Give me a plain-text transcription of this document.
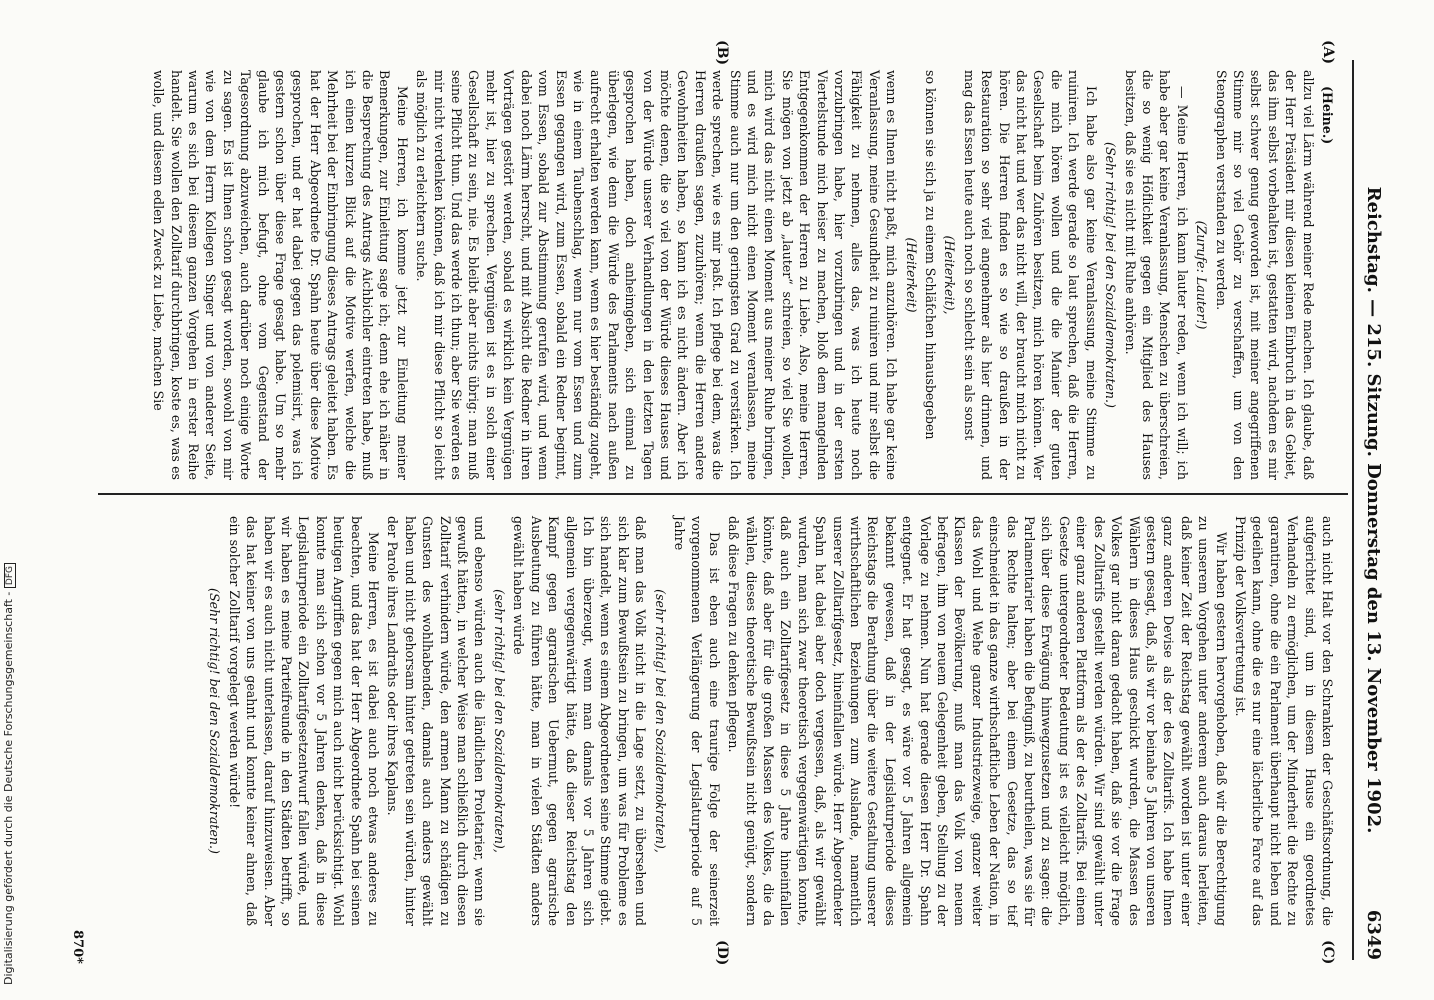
Digitalisierung gefördert durch die Deutsche Forschungsgemeinschaft - DFG	Reichstag. — 215. Sitzung. Donnerstag den 13. November 1902.
6349
(A)
(B)
(C)
(D)

(Heine.)

allzu viel Lärm während meiner Rede machen. Ich glaube, daß der Herr Präsident mir diesen kleinen Einbruch in das Gebiet, das ihm selbst vorbehalten ist, gestatten wird, nachdem es mir selbst schwer genug geworden ist, mit meiner angegriffenen Stimme mir so viel Gehör zu verschaffen, um von den Stenographen verstanden zu werden.

(Zurufe: Lauter!)

— Meine Herren, ich kann lauter reden, wenn ich will; ich habe aber gar keine Veranlassung, Menschen zu überschreien, die so wenig Höflichkeit gegen ein Mitglied des Hauses besitzen, daß sie es nicht mit Ruhe anhören.

(Sehr richtig! bei den Sozialdemokraten.)

Ich habe also gar keine Veranlassung, meine Stimme zu ruiniren. Ich werde gerade so laut sprechen, daß die Herren, die mich hören wollen und die die Manier der guten Gesellschaft beim Zuhören besitzen, mich hören können. Wer das nicht hat und wer das nicht will, der braucht mich nicht zu hören. Die Herren finden es so wie so draußen in der Restauration so sehr viel angenehmer als hier drinnen, und mag das Essen heute auch noch so schlecht sein als sonst

(Heiterkeit),

so können sie sich ja zu einem Schläfchen hinausbegeben

(Heiterkeit)

wenn es Ihnen nicht paßt, mich anzuhören. Ich habe gar keine Veranlassung, meine Gesundheit zu ruiniren und mir selbst die Fähigkeit zu nehmen, alles das, was ich heute noch vorzubringen habe, hier vorzubringen und in der ersten Viertelstunde mich heiser zu machen, bloß dem mangelnden Entgegenkommen der Herren zu Liebe. Also, meine Herren, Sie mögen von jetzt ab „lauter“ schreien, so viel Sie wollen, mich wird das nicht einen Moment aus meiner Ruhe bringen, und es wird mich nicht einen Moment veranlassen, meine Stimme auch nur um den geringsten Grad zu verstärken. Ich werde sprechen, wie es mir paßt. Ich pflege bei dem, was die Herren draußen sagen, zuzuhören; wenn die Herren andere Gewohnheiten haben, so kann ich es nicht ändern. Aber ich möchte denen, die so viel von der Würde dieses Hauses und von der Würde unserer Verhandlungen in den letzten Tagen gesprochen haben, doch anheimgeben, sich einmal zu überlegen, wie denn die Würde des Parlaments nach außen aufrecht erhalten werden kann, wenn es hier beständig zugeht, wie in einem Taubenschlag, wenn nur vom Essen und zum Essen gegangen wird, zum Essen, sobald ein Redner beginnt, vom Essen, sobald zur Abstimmung gerufen wird, und wenn dabei noch Lärm herrscht, und mit Absicht die Redner in ihren Vorträgen gestört werden, sobald es wirklich kein Vergnügen mehr ist, hier zu sprechen. Vergnügen ist es in solch einer Gesellschaft zu sein, nie. Es bleibt aber nichts übrig: man muß seine Pflicht thun. Und das werde ich thun; aber Sie werden es mir nicht verdenken können, daß ich mir diese Pflicht so leicht als möglich zu erleichtern suche.

Meine Herren, ich komme jetzt zur Einleitung meiner Bemerkungen, zur Einleitung sage ich; denn ehe ich näher in die Besprechung des Antrags Aichbichler eintreten habe, muß ich einen kurzen Blick auf die Motive werfen, welche die Mehrheit bei der Einbringung dieses Antrags geleitet haben. Es hat der Herr Abgeordnete Dr. Spahn heute über diese Motive gesprochen, und er hat dabei gegen das polemisirt, was ich gestern schon über diese Frage gesagt habe. Um so mehr glaube ich mich befugt, ohne vom Gegenstand der Tagesordnung abzuweichen, auch darüber noch einige Worte zu sagen. Es ist Ihnen schon gesagt worden, sowohl von mir wie von dem Herrn Kollegen Singer und von anderer Seite, warum es sich bei diesem ganzen Vorgehen in erster Reihe handelt. Sie wollen den Zolltarif durchbringen, koste es, was es wolle, und diesem edlen Zweck zu Liebe, machen Sie

auch nicht Halt vor den Schranken der Geschäftsordnung, die aufgerichtet sind, um in diesem Hause ein geordnetes Verhandeln zu ermöglichen, um der Minderheit die Rechte zu garantiren, ohne die ein Parlament überhaupt nicht leben und gedeihen kann, ohne die es nur eine lächerliche Farce auf das Prinzip der Volksvertretung ist.

Wir haben gestern hervorgehoben, daß wir die Berechtigung zu unserem Vorgehen unter anderem auch daraus herleiten, daß keiner Zeit der Reichstag gewählt worden ist unter einer ganz anderen Devise als der des Zolltarifs. Ich habe Ihnen gestern gesagt, daß, als wir vor beinahe 5 Jahren von unseren Wählern in dieses Haus geschickt wurden, die Massen des Volkes gar nicht daran gedacht haben, daß sie vor die Frage des Zolltarifs gestellt werden würden. Wir sind gewählt unter einer ganz anderen Plattform als der des Zolltarifs. Bei einem Gesetze untergeordneter Bedeutung ist es vielleicht möglich, sich über diese Erwägung hinwegzusetzen und zu sagen: die Parlamentarier haben die Befugniß, zu beurtheilen, was sie für das Rechte halten; aber bei einem Gesetze, das so tief einschneidet in das ganze wirthschaftliche Leben der Nation, in das Wohl und Wehe ganzer Industriezweige, ganzer weiter Klassen der Bevölkerung, muß man das Volk von neuem befragen, ihm von neuem Gelegenheit geben, Stellung zu der Vorlage zu nehmen. Nun hat gerade diesen Herr Dr. Spahn entgegnet. Er hat gesagt, es wäre vor 5 Jahren allgemein bekannt gewesen, daß in der Legislaturperiode dieses Reichstags die Berathung über die weitere Gestaltung unserer wirthschaftlichen Beziehungen zum Auslande, namentlich unserer Zolltarifgesetz, hineinfallen würde. Herr Abgeordneter Spahn hat dabei aber doch vergessen, daß, als wir gewählt wurden, man sich zwar theoretisch vergegenwärtigen konnte, daß auch ein Zolltarifgesetz in diese 5 Jahre hineinfallen könnte, daß aber für die großen Massen des Volkes, die da wählen, dieses theoretische Bewußtsein nicht genügt, sondern daß diese Fragen zu denken pflegen.

Das ist eben auch eine traurige Folge der seinerzeit vorgenommenen Verlängerung der Legislaturperiode auf 5 Jahre

(sehr richtig! bei den Sozialdemokraten),

daß man das Volk nicht in die Lage setzt, zu übersehen und sich klar zum Bewußtsein zu bringen, um was für Probleme es sich handelt, wenn es einem Abgeordneten seine Stimme giebt. Ich bin überzeugt, wenn man damals vor 5 Jahren sich allgemein vergegenwärtigt hätte, daß dieser Reichstag den Kampf gegen agrarischen Uebermut, gegen agrarische Ausbeutung zu führen hätte, man in vielen Städten anders gewählt haben würde

(sehr richtig! bei den Sozialdemokraten),

und ebenso würden auch die ländlichen Proletarier, wenn sie gewußt hätten, in welcher Weise man schließlich durch diesen Zolltarif verhindern würde, den armen Mann zu schädigen zu Gunsten des wohlhabenden, damals auch anders gewählt haben und nicht gehorsam hinter getreten sein würden, hinter der Parole ihres Landraths oder ihres Kaplans.

Meine Herren, es ist dabei auch noch etwas anderes zu beachten, und das hat der Herr Abgeordnete Spahn bei seinen heutigen Angriffen gegen mich auch nicht berücksichtigt. Wohl konnte man sich schon vor 5 Jahren denken, daß in diese Legislaturperiode ein Zolltarifgesetzentwurf fallen würde, und wir haben es meine Parteifreunde in den Städten betrifft, so haben wir es auch nicht unterlassen, darauf hinzuweisen. Aber das hat keiner von uns geahnt und konnte keiner ahnen, daß ein solcher Zolltarif vorgelegt werden würde!

(Sehr richtig! bei den Sozialdemokraten.)

870*
